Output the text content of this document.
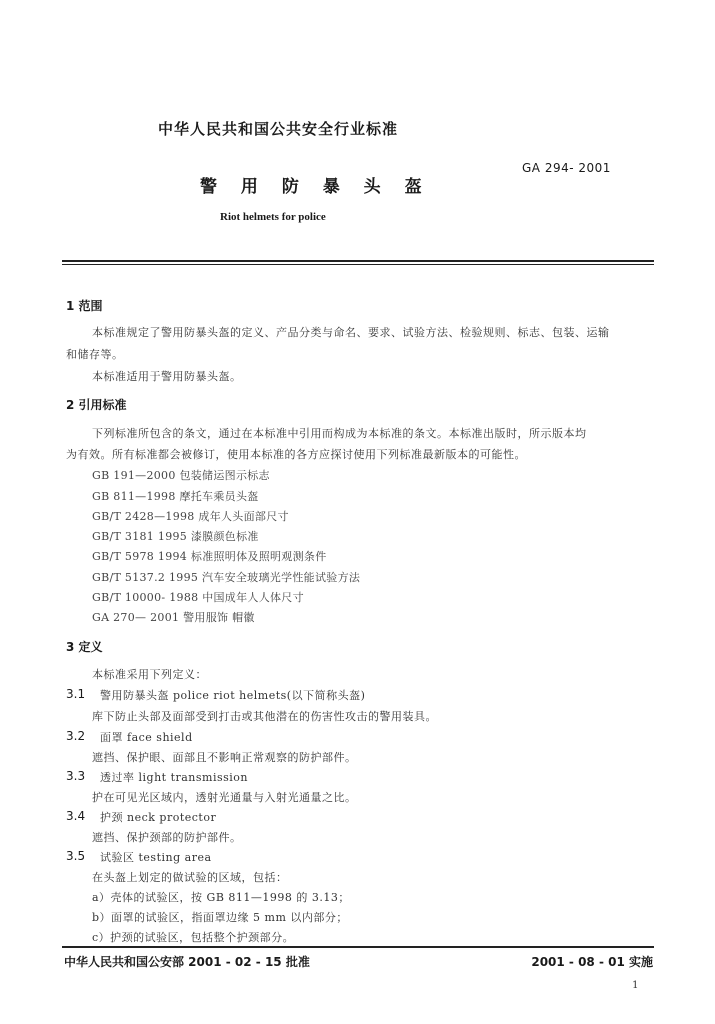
中华人民共和国公共安全行业标准
GA 294- 2001
警 用 防 暴 头 盔
Riot helmets for police
1 范围
本标准规定了警用防暴头盔的定义、产品分类与命名、要求、试验方法、检验规则、标志、包装、运输
和储存等。
本标准适用于警用防暴头盔。
2 引用标准
下列标准所包含的条文，通过在本标准中引用而构成为本标准的条文。本标准出版时，所示版本均
为有效。所有标准都会被修订，使用本标准的各方应探讨使用下列标准最新版本的可能性。
GB 191—2000 包装储运图示标志
GB 811—1998 摩托车乘员头盔
GB/T 2428—1998 成年人头面部尺寸
GB/T 3181 1995 漆膜颜色标准
GB/T 5978 1994 标准照明体及照明观测条件
GB/T 5137.2 1995 汽车安全玻璃光学性能试验方法
GB/T 10000- 1988 中国成年人人体尺寸
GA 270— 2001 警用服饰 帽徽
3 定义
本标准采用下列定义：
3.1 警用防暴头盔 police riot helmets(以下简称头盔)
库下防止头部及面部受到打击或其他潜在的伤害性攻击的警用装具。
3.2 面罩 face shield
遮挡、保护眼、面部且不影响正常观察的防护部件。
3.3 透过率 light transmission
护在可见光区域内，透射光通量与入射光通量之比。
3.4 护颈 neck protector
遮挡、保护颈部的防护部件。
3.5 试验区 testing area
在头盔上划定的做试验的区域，包括：
a）壳体的试验区，按 GB 811—1998 的 3.13；
b）面罩的试验区，指面罩边缘 5 mm 以内部分；
c）护颈的试验区，包括整个护颈部分。
中华人民共和国公安部 2001 - 02 - 15 批准	2001 - 08 - 01 实施
1
